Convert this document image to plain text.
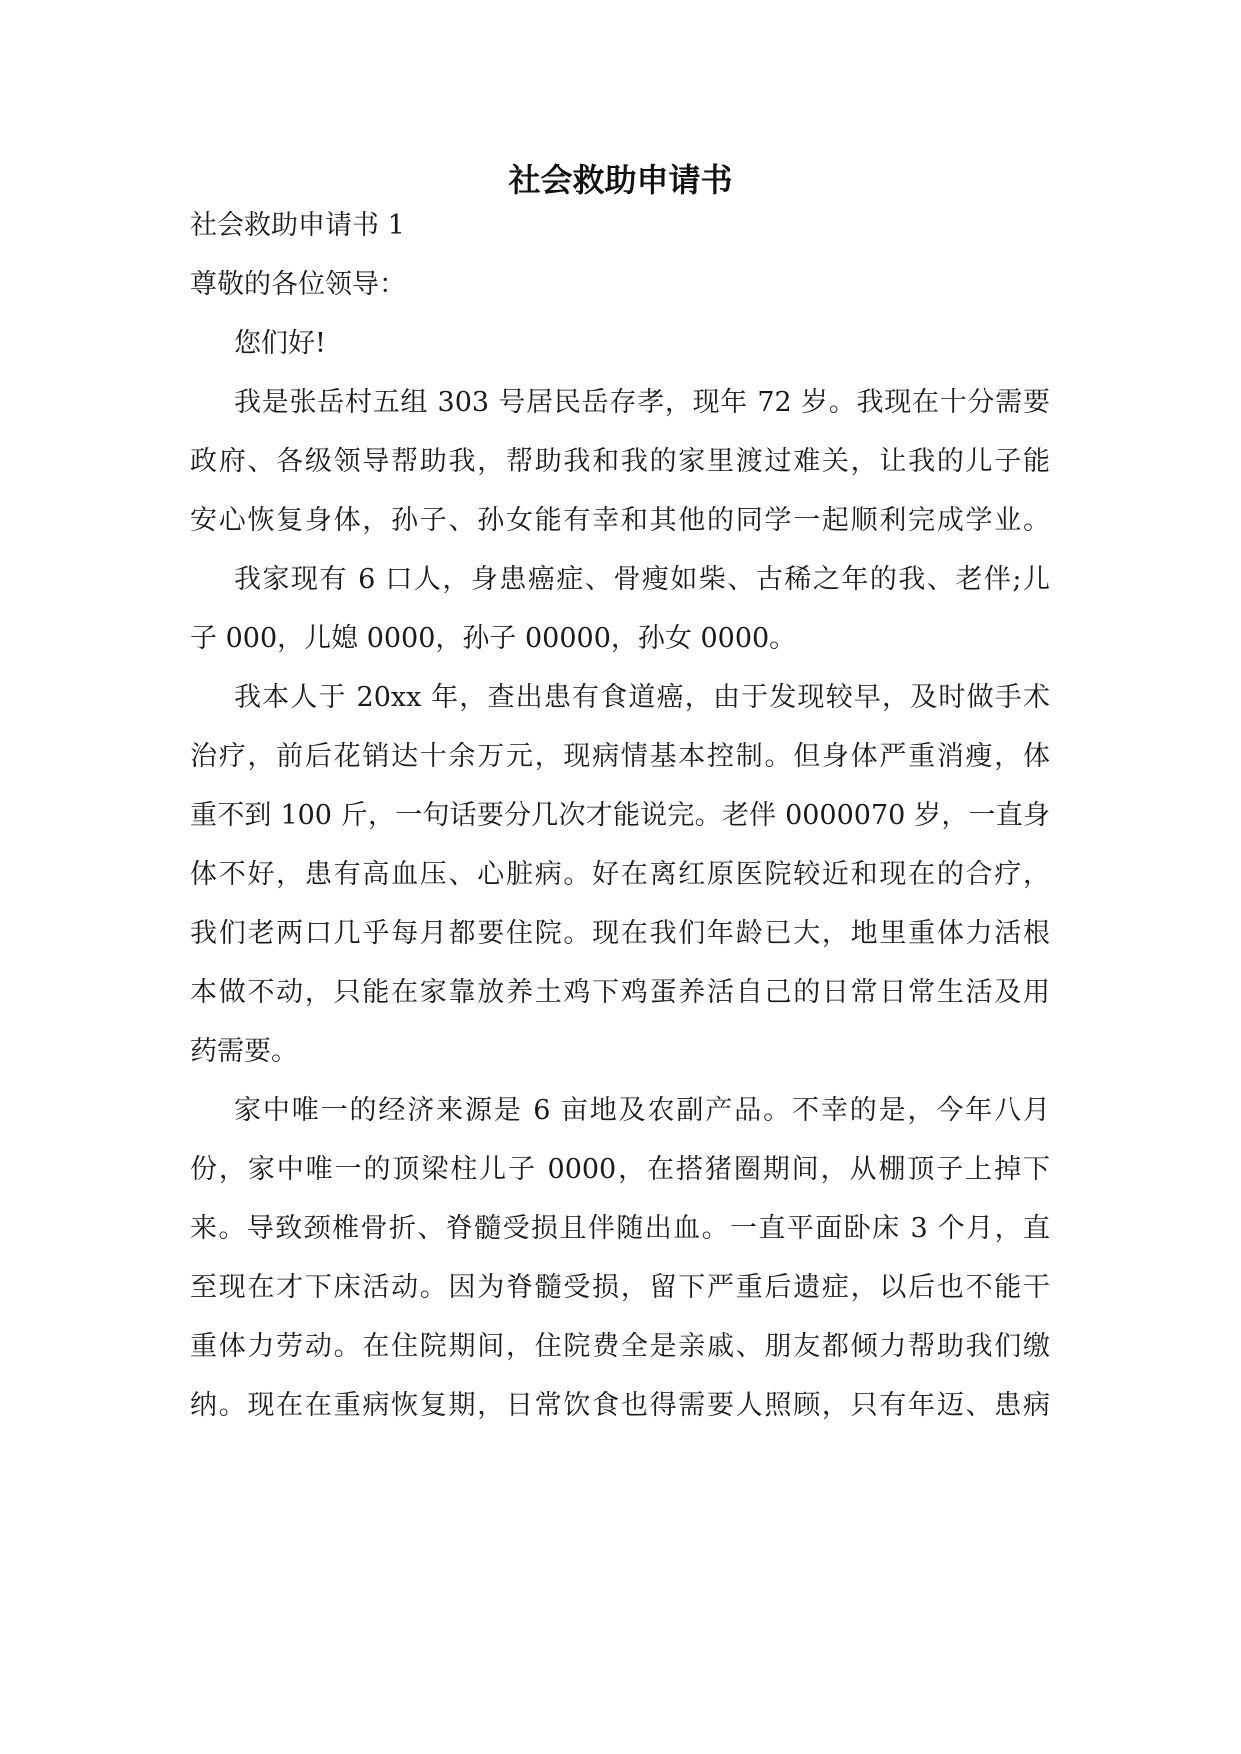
社会救助申请书

社会救助申请书 1

尊敬的各位领导：

您们好!

我是张岳村五组 303 号居民岳存孝，现年 72 岁。我现在十分需要

政府、各级领导帮助我，帮助我和我的家里渡过难关，让我的儿子能

安心恢复身体，孙子、孙女能有幸和其他的同学一起顺利完成学业。

我家现有 6 口人，身患癌症、骨瘦如柴、古稀之年的我、老伴;儿

子 000，儿媳 0000，孙子 00000，孙女 0000。

我本人于 20xx 年，查出患有食道癌，由于发现较早，及时做手术

治疗，前后花销达十余万元，现病情基本控制。但身体严重消瘦，体

重不到 100 斤，一句话要分几次才能说完。老伴 0000070 岁，一直身

体不好，患有高血压、心脏病。好在离红原医院较近和现在的合疗，

我们老两口几乎每月都要住院。现在我们年龄已大，地里重体力活根

本做不动，只能在家靠放养土鸡下鸡蛋养活自己的日常日常生活及用

药需要。

家中唯一的经济来源是 6 亩地及农副产品。不幸的是，今年八月

份，家中唯一的顶梁柱儿子 0000，在搭猪圈期间，从棚顶子上掉下

来。导致颈椎骨折、脊髓受损且伴随出血。一直平面卧床 3 个月，直

至现在才下床活动。因为脊髓受损，留下严重后遗症，以后也不能干

重体力劳动。在住院期间，住院费全是亲戚、朋友都倾力帮助我们缴

纳。现在在重病恢复期，日常饮食也得需要人照顾，只有年迈、患病
